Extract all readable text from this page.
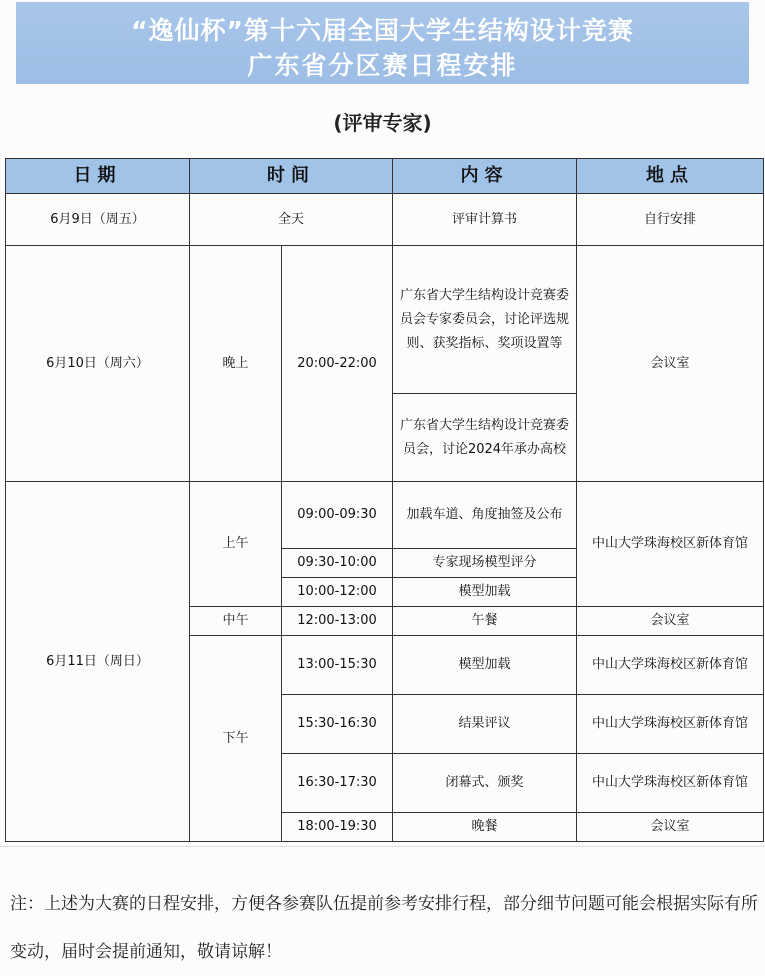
“逸仙杯”第十六届全国大学生结构设计竞赛
广东省分区赛日程安排
(评审专家)
日期	时间		内容	地点
6月9日（周五）	全天		评审计算书	自行安排
6月10日（周六）	晚上	20:00-22:00	广东省大学生结构设计竞赛委员会专家委员会，讨论评选规则、获奖指标、奖项设置等	会议室
			广东省大学生结构设计竞赛委员会，讨论2024年承办高校	
6月11日（周日）	上午	09:00-09:30	加载车道、角度抽签及公布	中山大学珠海校区新体育馆
		09:30-10:00	专家现场模型评分	
		10:00-12:00	模型加载	
	中午	12:00-13:00	午餐	会议室
	下午	13:00-15:30	模型加载	中山大学珠海校区新体育馆
		15:30-16:30	结果评议	中山大学珠海校区新体育馆
		16:30-17:30	闭幕式、颁奖	中山大学珠海校区新体育馆
		18:00-19:30	晚餐	会议室
注：上述为大赛的日程安排，方便各参赛队伍提前参考安排行程，部分细节问题可能会根据实际有所变动，届时会提前通知，敬请谅解！
